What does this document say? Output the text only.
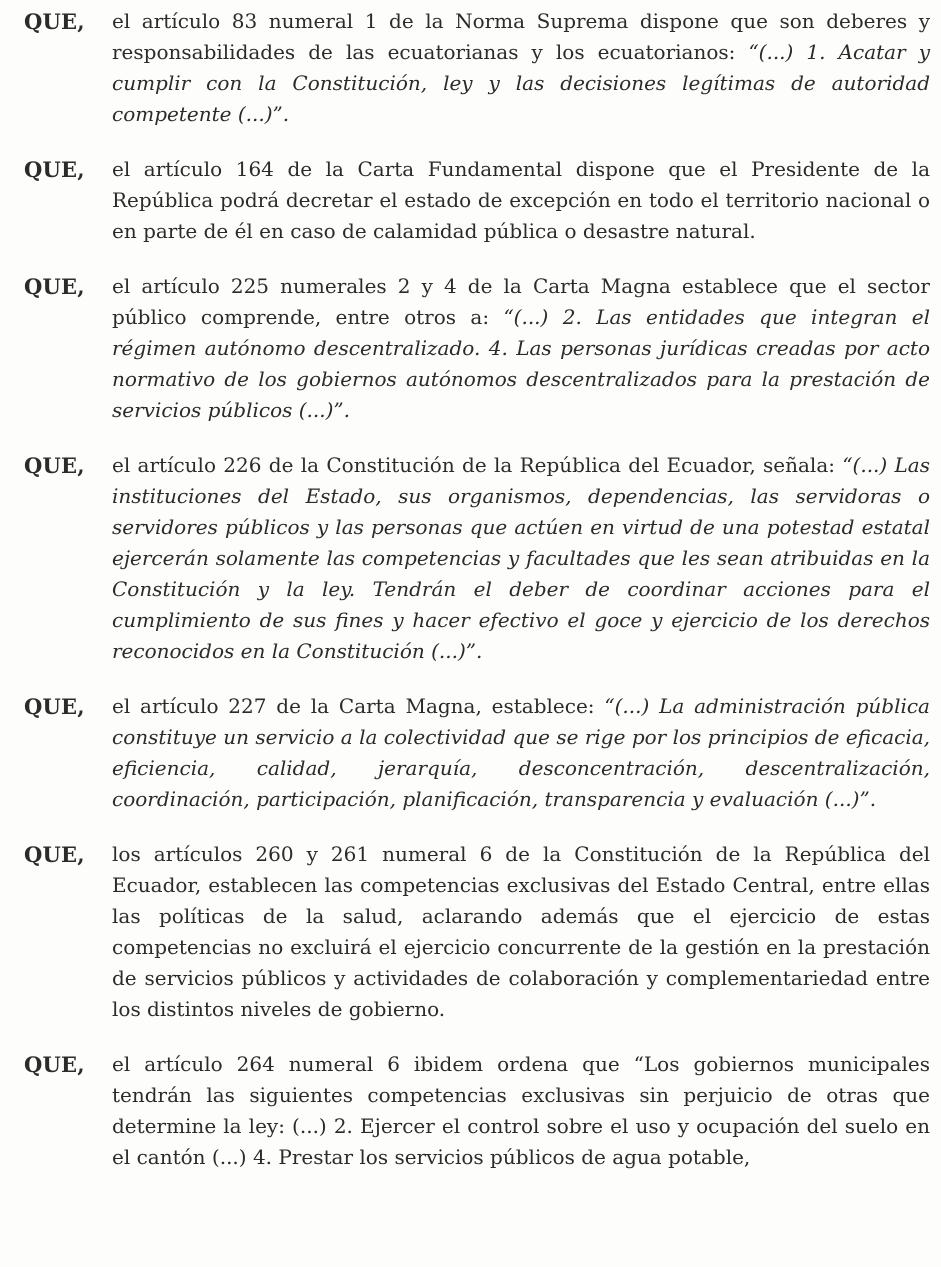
QUE,	el artículo 83 numeral 1 de la Norma Suprema dispone que son deberes y responsabilidades de las ecuatorianas y los ecuatorianos: “(...) 1. Acatar y cumplir con la Constitución, ley y las decisiones legítimas de autoridad competente (...)”.
QUE,	el artículo 164 de la Carta Fundamental dispone que el Presidente de la República podrá decretar el estado de excepción en todo el territorio nacional o en parte de él en caso de calamidad pública o desastre natural.
QUE,	el artículo 225 numerales 2 y 4 de la Carta Magna establece que el sector público comprende, entre otros a: “(...) 2. Las entidades que integran el régimen autónomo descentralizado. 4. Las personas jurídicas creadas por acto normativo de los gobiernos autónomos descentralizados para la prestación de servicios públicos (...)”.
QUE,	el artículo 226 de la Constitución de la República del Ecuador, señala: “(...) Las instituciones del Estado, sus organismos, dependencias, las servidoras o servidores públicos y las personas que actúen en virtud de una potestad estatal ejercerán solamente las competencias y facultades que les sean atribuidas en la Constitución y la ley. Tendrán el deber de coordinar acciones para el cumplimiento de sus fines y hacer efectivo el goce y ejercicio de los derechos reconocidos en la Constitución (...)”.
QUE,	el artículo 227 de la Carta Magna, establece: “(...) La administración pública constituye un servicio a la colectividad que se rige por los principios de eficacia, eficiencia, calidad, jerarquía, desconcentración, descentralización, coordinación, participación, planificación, transparencia y evaluación (...)”.
QUE,	los artículos 260 y 261 numeral 6 de la Constitución de la República del Ecuador, establecen las competencias exclusivas del Estado Central, entre ellas las políticas de la salud, aclarando además que el ejercicio de estas competencias no excluirá el ejercicio concurrente de la gestión en la prestación de servicios públicos y actividades de colaboración y complementariedad entre los distintos niveles de gobierno.
QUE,	el artículo 264 numeral 6 ibidem ordena que “Los gobiernos municipales tendrán las siguientes competencias exclusivas sin perjuicio de otras que determine la ley: (...) 2. Ejercer el control sobre el uso y ocupación del suelo en el cantón (...) 4. Prestar los servicios públicos de agua potable,
